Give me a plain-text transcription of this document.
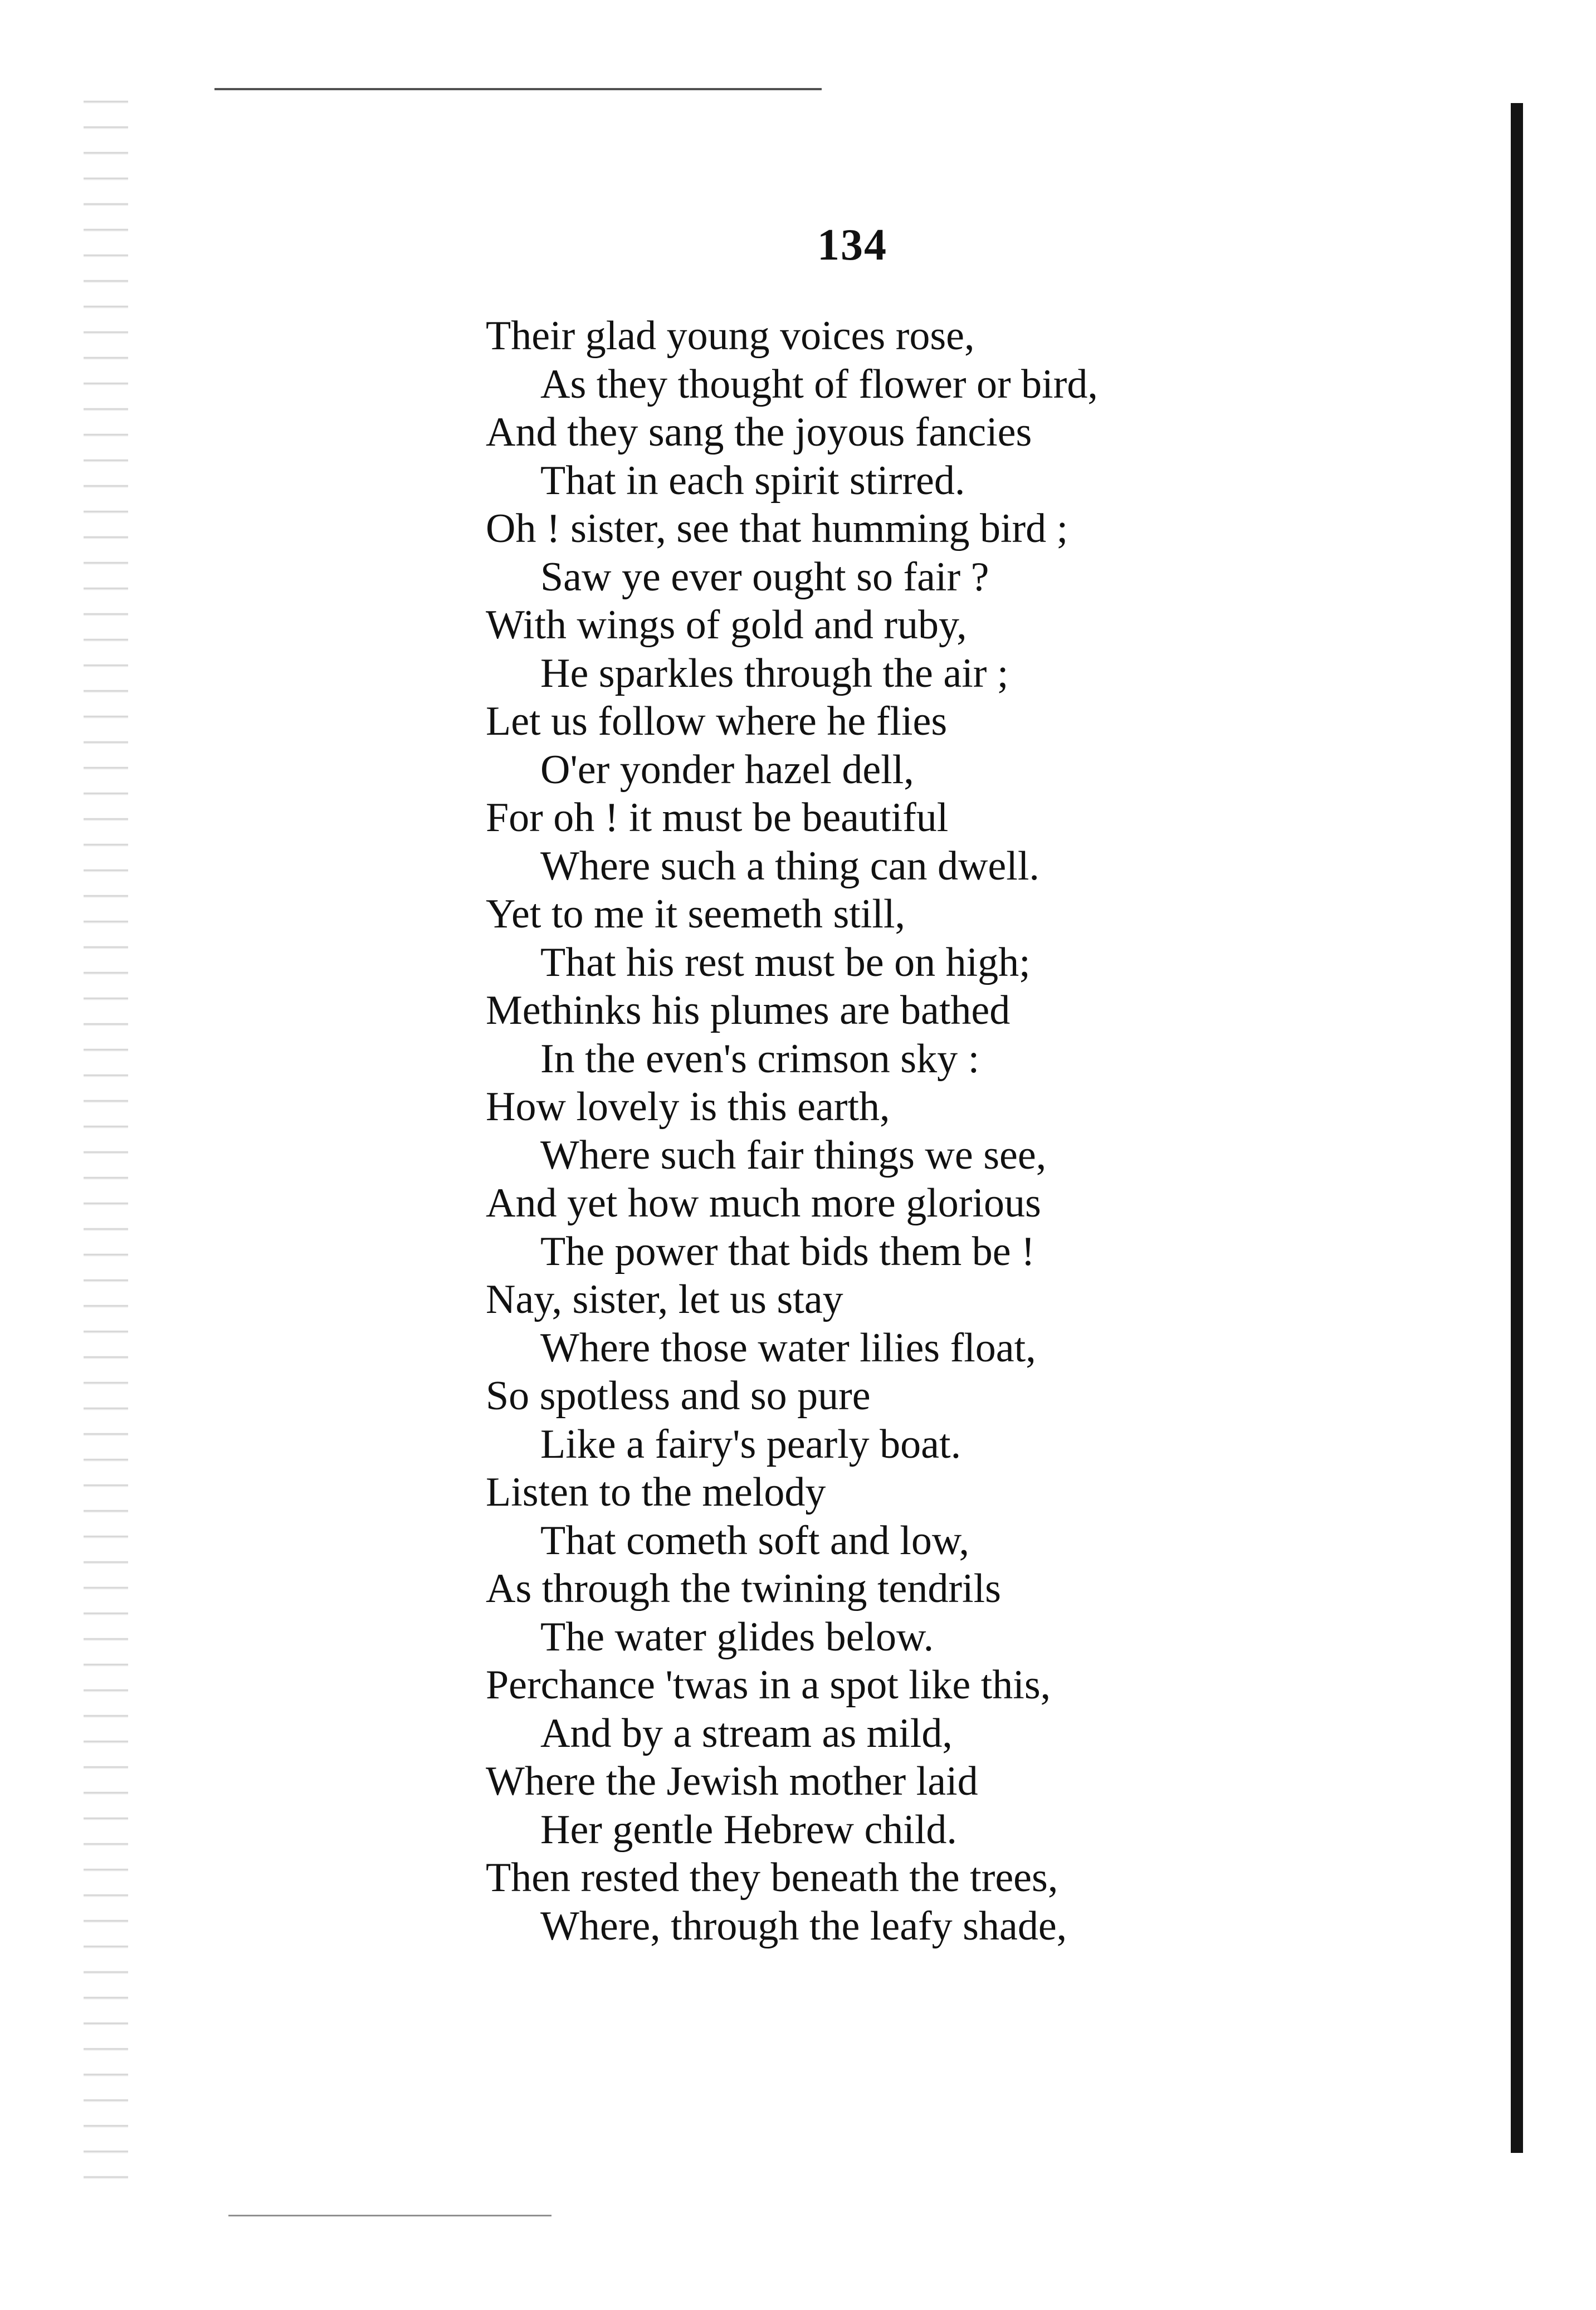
134
Their glad young voices rose,
As they thought of flower or bird,
And they sang the joyous fancies
That in each spirit stirred.
Oh ! sister, see that humming bird ;
Saw ye ever ought so fair ?
With wings of gold and ruby,
He sparkles through the air ;
Let us follow where he flies
O'er yonder hazel dell,
For oh ! it must be beautiful
Where such a thing can dwell.
Yet to me it seemeth still,
That his rest must be on high;
Methinks his plumes are bathed
In the even's crimson sky :
How lovely is this earth,
Where such fair things we see,
And yet how much more glorious
The power that bids them be !
Nay, sister, let us stay
Where those water lilies float,
So spotless and so pure
Like a fairy's pearly boat.
Listen to the melody
That cometh soft and low,
As through the twining tendrils
The water glides below.
Perchance 'twas in a spot like this,
And by a stream as mild,
Where the Jewish mother laid
Her gentle Hebrew child.
Then rested they beneath the trees,
Where, through the leafy shade,
